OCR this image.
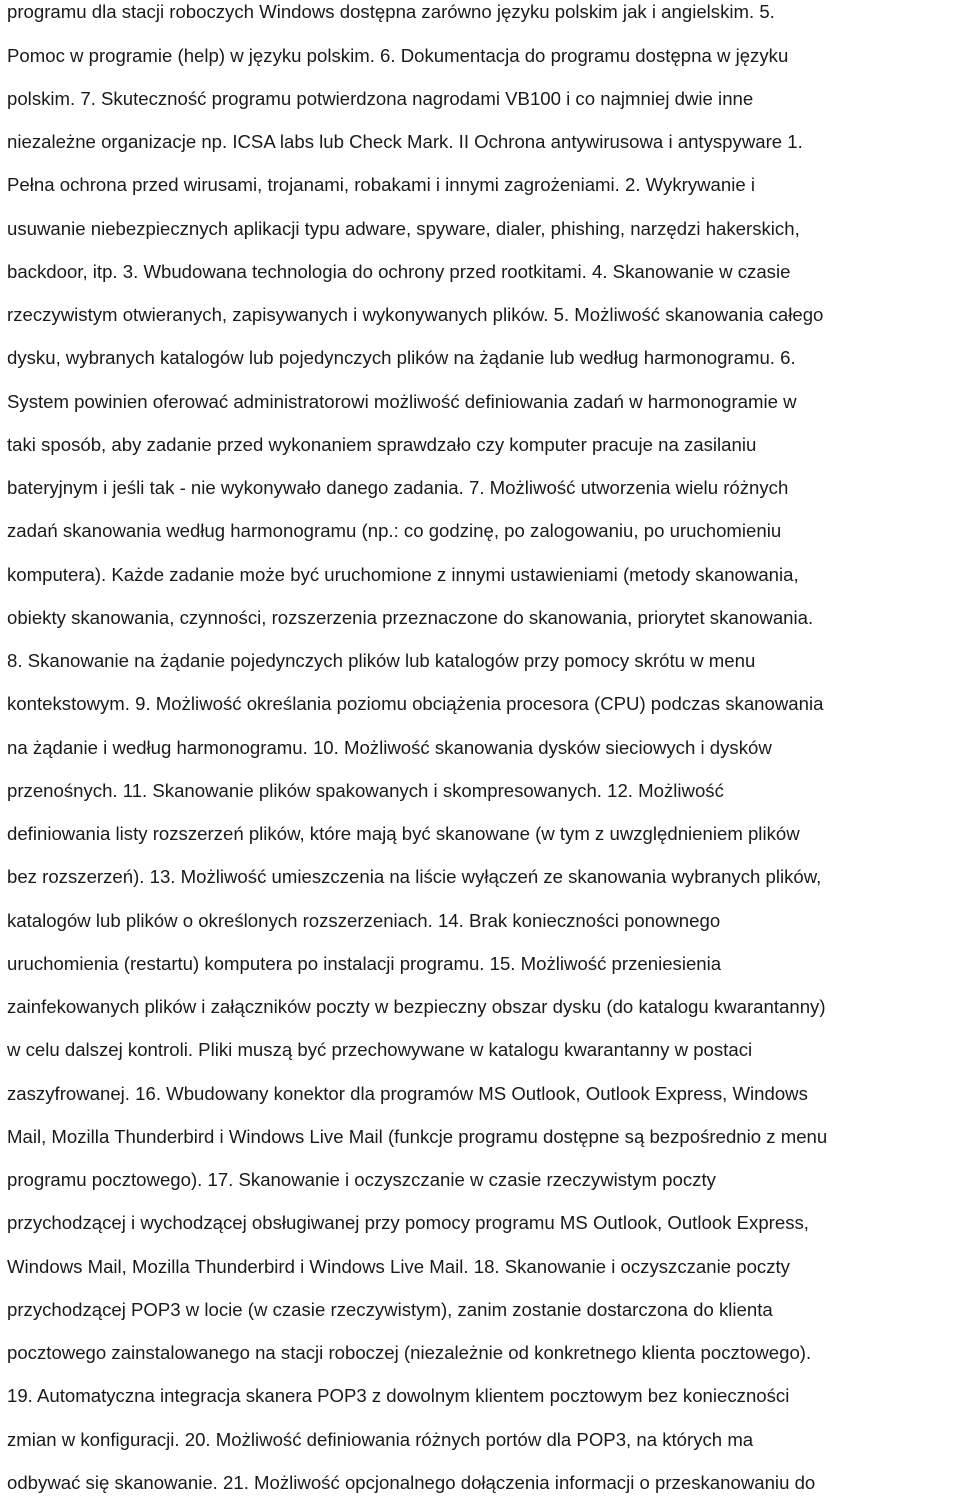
programu dla stacji roboczych Windows dostępna zarówno języku polskim jak i angielskim. 5.
Pomoc w programie (help) w języku polskim. 6. Dokumentacja do programu dostępna w języku
polskim. 7. Skuteczność programu potwierdzona nagrodami VB100 i co najmniej dwie inne
niezależne organizacje np. ICSA labs lub Check Mark. II Ochrona antywirusowa i antyspyware 1.
Pełna ochrona przed wirusami, trojanami, robakami i innymi zagrożeniami. 2. Wykrywanie i
usuwanie niebezpiecznych aplikacji typu adware, spyware, dialer, phishing, narzędzi hakerskich,
backdoor, itp. 3. Wbudowana technologia do ochrony przed rootkitami. 4. Skanowanie w czasie
rzeczywistym otwieranych, zapisywanych i wykonywanych plików. 5. Możliwość skanowania całego
dysku, wybranych katalogów lub pojedynczych plików na żądanie lub według harmonogramu. 6.
System powinien oferować administratorowi możliwość definiowania zadań w harmonogramie w
taki sposób, aby zadanie przed wykonaniem sprawdzało czy komputer pracuje na zasilaniu
bateryjnym i jeśli tak - nie wykonywało danego zadania. 7. Możliwość utworzenia wielu różnych
zadań skanowania według harmonogramu (np.: co godzinę, po zalogowaniu, po uruchomieniu
komputera). Każde zadanie może być uruchomione z innymi ustawieniami (metody skanowania,
obiekty skanowania, czynności, rozszerzenia przeznaczone do skanowania, priorytet skanowania.
8. Skanowanie na żądanie pojedynczych plików lub katalogów przy pomocy skrótu w menu
kontekstowym. 9. Możliwość określania poziomu obciążenia procesora (CPU) podczas skanowania
na żądanie i według harmonogramu. 10. Możliwość skanowania dysków sieciowych i dysków
przenośnych. 11. Skanowanie plików spakowanych i skompresowanych. 12. Możliwość
definiowania listy rozszerzeń plików, które mają być skanowane (w tym z uwzględnieniem plików
bez rozszerzeń). 13. Możliwość umieszczenia na liście wyłączeń ze skanowania wybranych plików,
katalogów lub plików o określonych rozszerzeniach. 14. Brak konieczności ponownego
uruchomienia (restartu) komputera po instalacji programu. 15. Możliwość przeniesienia
zainfekowanych plików i załączników poczty w bezpieczny obszar dysku (do katalogu kwarantanny)
w celu dalszej kontroli. Pliki muszą być przechowywane w katalogu kwarantanny w postaci
zaszyfrowanej. 16. Wbudowany konektor dla programów MS Outlook, Outlook Express, Windows
Mail, Mozilla Thunderbird i Windows Live Mail (funkcje programu dostępne są bezpośrednio z menu
programu pocztowego). 17. Skanowanie i oczyszczanie w czasie rzeczywistym poczty
przychodzącej i wychodzącej obsługiwanej przy pomocy programu MS Outlook, Outlook Express,
Windows Mail, Mozilla Thunderbird i Windows Live Mail. 18. Skanowanie i oczyszczanie poczty
przychodzącej POP3 w locie (w czasie rzeczywistym), zanim zostanie dostarczona do klienta
pocztowego zainstalowanego na stacji roboczej (niezależnie od konkretnego klienta pocztowego).
19. Automatyczna integracja skanera POP3 z dowolnym klientem pocztowym bez konieczności
zmian w konfiguracji. 20. Możliwość definiowania różnych portów dla POP3, na których ma
odbywać się skanowanie. 21. Możliwość opcjonalnego dołączenia informacji o przeskanowaniu do
